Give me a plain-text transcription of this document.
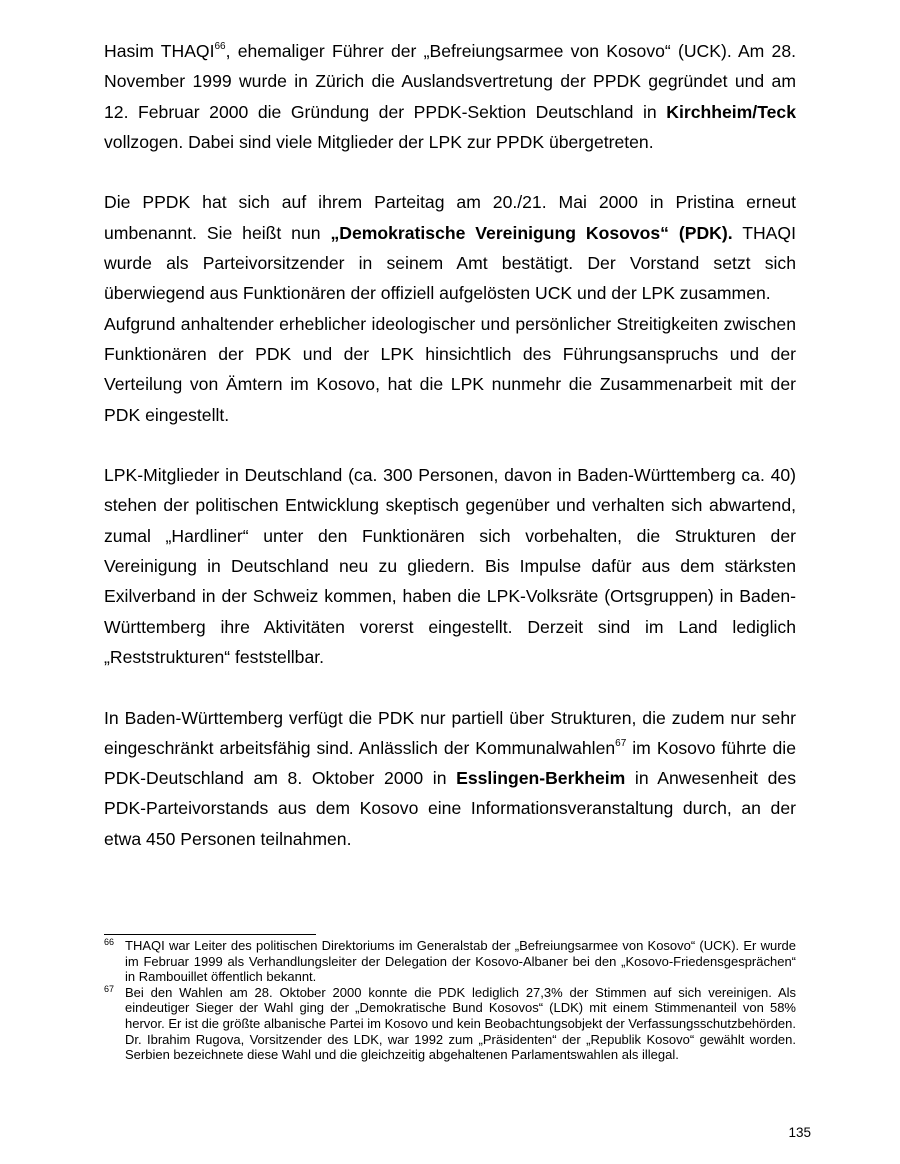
Hasim THAQI$^{66}$, ehemaliger Führer der „Befreiungsarmee von Kosovo“ (UCK). Am 28. November 1999 wurde in Zürich die Auslandsvertretung der PPDK gegründet und am 12. Februar 2000 die Gründung der PPDK-Sektion Deutschland in Kirchheim/Teck vollzogen. Dabei sind viele Mitglieder der LPK zur PPDK übergetreten.

Die PPDK hat sich auf ihrem Parteitag am 20./21. Mai 2000 in Pristina erneut umbenannt. Sie heißt nun „Demokratische Vereinigung Kosovos“ (PDK). THAQI wurde als Parteivorsitzender in seinem Amt bestätigt. Der Vorstand setzt sich überwiegend aus Funktionären der offiziell aufgelösten UCK und der LPK zusammen.

Aufgrund anhaltender erheblicher ideologischer und persönlicher Streitigkeiten zwischen Funktionären der PDK und der LPK hinsichtlich des Führungsanspruchs und der Verteilung von Ämtern im Kosovo, hat die LPK nunmehr die Zusammenarbeit mit der PDK eingestellt.

LPK-Mitglieder in Deutschland (ca. 300 Personen, davon in Baden-Württemberg ca. 40) stehen der politischen Entwicklung skeptisch gegenüber und verhalten sich abwartend, zumal „Hardliner“ unter den Funktionären sich vorbehalten, die Strukturen der Vereinigung in Deutschland neu zu gliedern. Bis Impulse dafür aus dem stärksten Exilverband in der Schweiz kommen, haben die LPK-Volksräte (Ortsgruppen) in Baden-Württemberg ihre Aktivitäten vorerst eingestellt. Derzeit sind im Land lediglich „Reststrukturen“ feststellbar.

In Baden-Württemberg verfügt die PDK nur partiell über Strukturen, die zudem nur sehr eingeschränkt arbeitsfähig sind. Anlässlich der Kommunalwahlen$^{67}$ im Kosovo führte die PDK-Deutschland am 8. Oktober 2000 in Esslingen-Berkheim in Anwesenheit des PDK-Parteivorstands aus dem Kosovo eine Informationsveranstaltung durch, an der etwa 450 Personen teilnahmen.

66 THAQI war Leiter des politischen Direktoriums im Generalstab der „Befreiungsarmee von Kosovo“ (UCK). Er wurde im Februar 1999 als Verhandlungsleiter der Delegation der Kosovo-Albaner bei den „Kosovo-Friedensgesprächen“ in Rambouillet öffentlich bekannt.
67 Bei den Wahlen am 28. Oktober 2000 konnte die PDK lediglich 27,3% der Stimmen auf sich vereinigen. Als eindeutiger Sieger der Wahl ging der „Demokratische Bund Kosovos“ (LDK) mit einem Stimmenanteil von 58% hervor. Er ist die größte albanische Partei im Kosovo und kein Beobachtungsobjekt der Verfassungsschutzbehörden. Dr. Ibrahim Rugova, Vorsitzender des LDK, war 1992 zum „Präsidenten“ der „Republik Kosovo“ gewählt worden. Serbien bezeichnete diese Wahl und die gleichzeitig abgehaltenen Parlamentswahlen als illegal.
135
